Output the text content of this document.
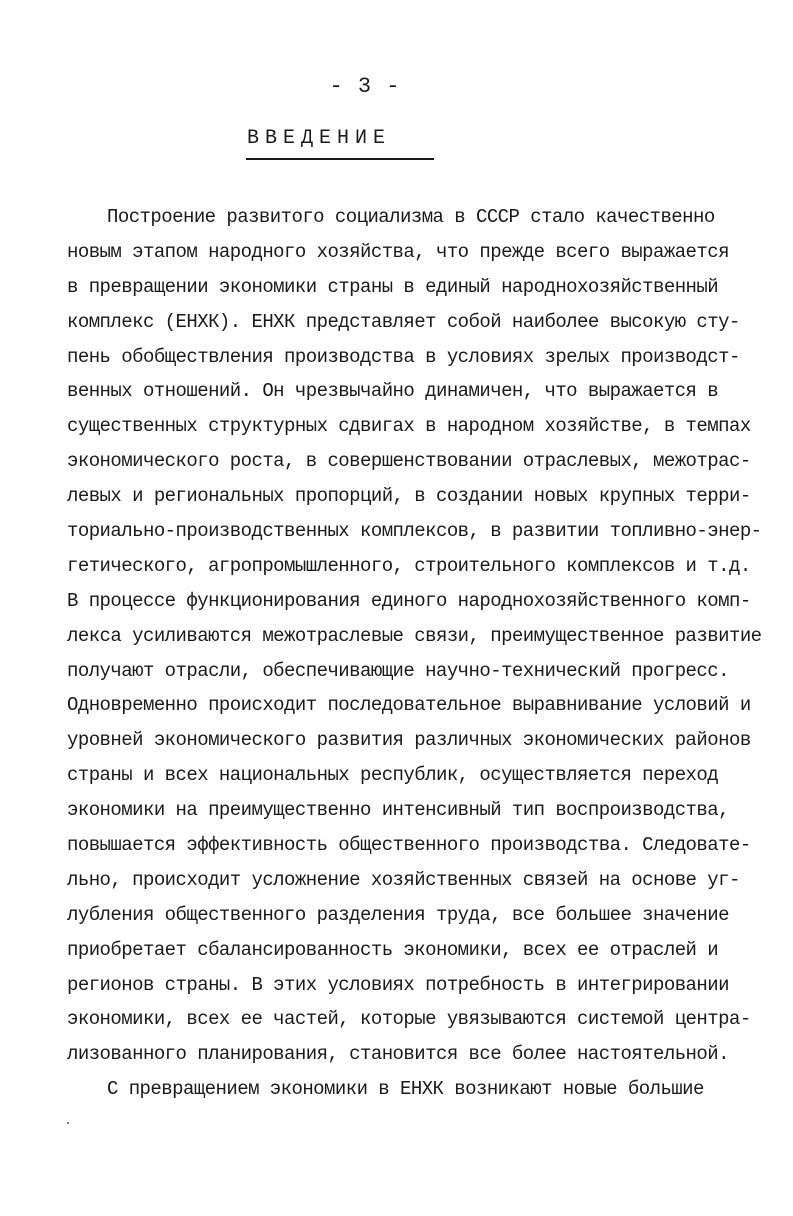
- 3 -
ВВЕДЕНИЕ
Построение развитого социализма в СССР стало качественно
новым этапом народного хозяйства, что прежде всего выражается
в превращении экономики страны в единый народнохозяйственный
комплекс (ЕНХК). ЕНХК представляет собой наиболее высокую сту-
пень обобществления производства в условиях зрелых производст-
венных отношений. Он чрезвычайно динамичен, что выражается в
существенных структурных сдвигах в народном хозяйстве, в темпах
экономического роста, в совершенствовании отраслевых, межотрас-
левых и региональных пропорций, в создании новых крупных терри-
ториально-производственных комплексов, в развитии топливно-энер-
гетического, агропромышленного, строительного комплексов и т.д.
В процессе функционирования единого народнохозяйственного комп-
лекса усиливаются межотраслевые связи, преимущественное развитие
получают отрасли, обеспечивающие научно-технический прогресс.
Одновременно происходит последовательное выравнивание условий и
уровней экономического развития различных экономических районов
страны и всех национальных республик, осуществляется переход
экономики на преимущественно интенсивный тип воспроизводства,
повышается эффективность общественного производства. Следовате-
льно, происходит усложнение хозяйственных связей на основе уг-
лубления общественного разделения труда, все большее значение
приобретает сбалансированность экономики, всех ее отраслей и
регионов страны. В этих условиях потребность в интегрировании
экономики, всех ее частей, которые увязываются системой центра-
лизованного планирования, становится все более настоятельной.
С превращением экономики в ЕНХК возникают новые большие
